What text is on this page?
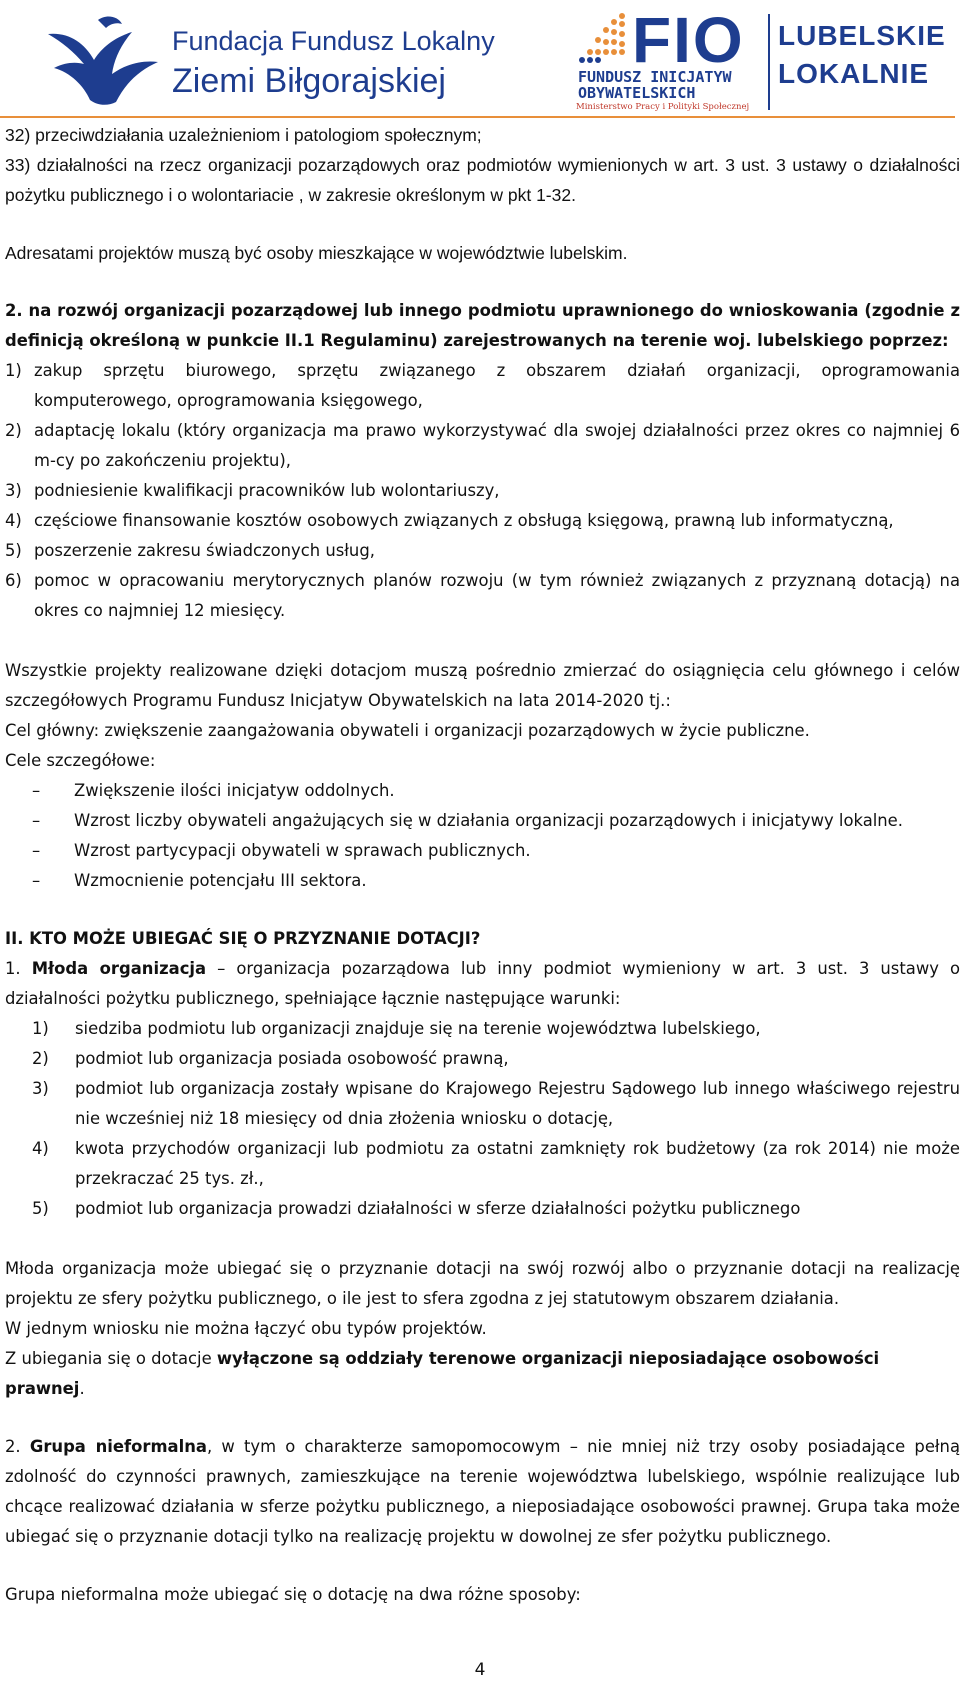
Fundacja Fundusz Lokalny
Ziemi Biłgorajskiej
FIO
FUNDUSZ INICJATYW
OBYWATELSKICH
Ministerstwo Pracy i Polityki Społecznej
LUBELSKIE
LOKALNIE

32) przeciwdziałania uzależnieniom i patologiom społecznym;

33) działalności na rzecz organizacji pozarządowych oraz podmiotów wymienionych w art. 3 ust. 3 ustawy o działalności pożytku publicznego i o wolontariacie , w zakresie określonym w pkt 1-32.

Adresatami projektów muszą być osoby mieszkające w województwie lubelskim.

2. na rozwój organizacji pozarządowej lub innego podmiotu uprawnionego do wnioskowania (zgodnie z definicją określoną w punkcie II.1 Regulaminu) zarejestrowanych na terenie woj. lubelskiego poprzez:

1) zakup sprzętu biurowego, sprzętu związanego z obszarem działań organizacji, oprogramowania komputerowego, oprogramowania księgowego,
2) adaptację lokalu (który organizacja ma prawo wykorzystywać dla swojej działalności przez okres co najmniej 6 m-cy po zakończeniu projektu),
3) podniesienie kwalifikacji pracowników lub wolontariuszy,
4) częściowe finansowanie kosztów osobowych związanych z obsługą księgową, prawną lub informatyczną,
5) poszerzenie zakresu świadczonych usług,
6) pomoc w opracowaniu merytorycznych planów rozwoju (w tym również związanych z przyznaną dotacją) na okres co najmniej 12 miesięcy.

Wszystkie projekty realizowane dzięki dotacjom muszą pośrednio zmierzać do osiągnięcia celu głównego i celów szczegółowych Programu Fundusz Inicjatyw Obywatelskich na lata 2014-2020 tj.:

Cel główny: zwiększenie zaangażowania obywateli i organizacji pozarządowych w życie publiczne.

Cele szczegółowe:

–	Zwiększenie ilości inicjatyw oddolnych.
–	Wzrost liczby obywateli angażujących się w działania organizacji pozarządowych i inicjatywy lokalne.
–	Wzrost partycypacji obywateli w sprawach publicznych.
–	Wzmocnienie potencjału III sektora.

II. KTO MOŻE UBIEGAĆ SIĘ O PRZYZNANIE DOTACJI?

1. Młoda organizacja – organizacja pozarządowa lub inny podmiot wymieniony w art. 3 ust. 3 ustawy o działalności pożytku publicznego, spełniające łącznie następujące warunki:

1)	siedziba podmiotu lub organizacji znajduje się na terenie województwa lubelskiego,
2)	podmiot lub organizacja posiada osobowość prawną,
3)	podmiot lub organizacja zostały wpisane do Krajowego Rejestru Sądowego lub innego właściwego rejestru nie wcześniej niż 18 miesięcy od dnia złożenia wniosku o dotację,
4)	kwota przychodów organizacji lub podmiotu za ostatni zamknięty rok budżetowy (za rok 2014) nie może przekraczać 25 tys. zł.,
5)	podmiot lub organizacja prowadzi działalności w sferze działalności pożytku publicznego

Młoda organizacja może ubiegać się o przyznanie dotacji na swój rozwój albo o przyznanie dotacji na realizację projektu ze sfery pożytku publicznego, o ile jest to sfera zgodna z jej statutowym obszarem działania.

W jednym wniosku nie można łączyć obu typów projektów.

Z ubiegania się o dotacje wyłączone są oddziały terenowe organizacji nieposiadające osobowości prawnej.

2. Grupa nieformalna, w tym o charakterze samopomocowym – nie mniej niż trzy osoby posiadające pełną zdolność do czynności prawnych, zamieszkujące na terenie województwa lubelskiego, wspólnie realizujące lub chcące realizować działania w sferze pożytku publicznego, a nieposiadające osobowości prawnej. Grupa taka może ubiegać się o przyznanie dotacji tylko na realizację projektu w dowolnej ze sfer pożytku publicznego.

Grupa nieformalna może ubiegać się o dotację na dwa różne sposoby:

4
